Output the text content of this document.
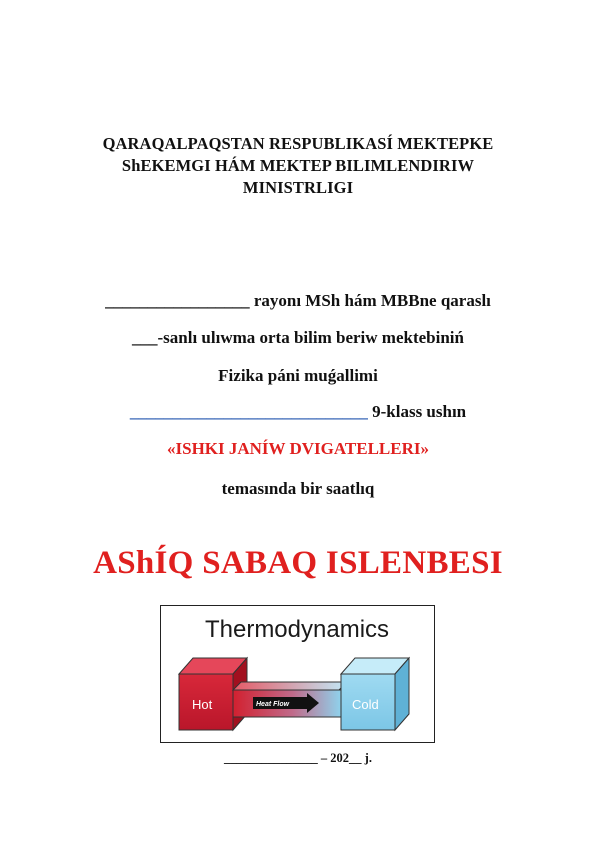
QARAQALPAQSTAN RESPUBLIKASÍ MEKTEPKE
ShEKEMGI HÁM MEKTEP BILIMLENDIRIW
MINISTRLIGI
_________________ rayonı MSh hám MBBne qaraslı
___-sanlı ulıwma orta bilim beriw mektebiniń
Fizika páni muǵallimi
____________________________ 9-klass ushın
«ISHKI JANÍW DVIGATELLERI»
temasında bir saatlıq
AShÍQ SABAQ ISLENBESI
Thermodynamics
Hot	Heat Flow	Cold
_______________ – 202__ j.
